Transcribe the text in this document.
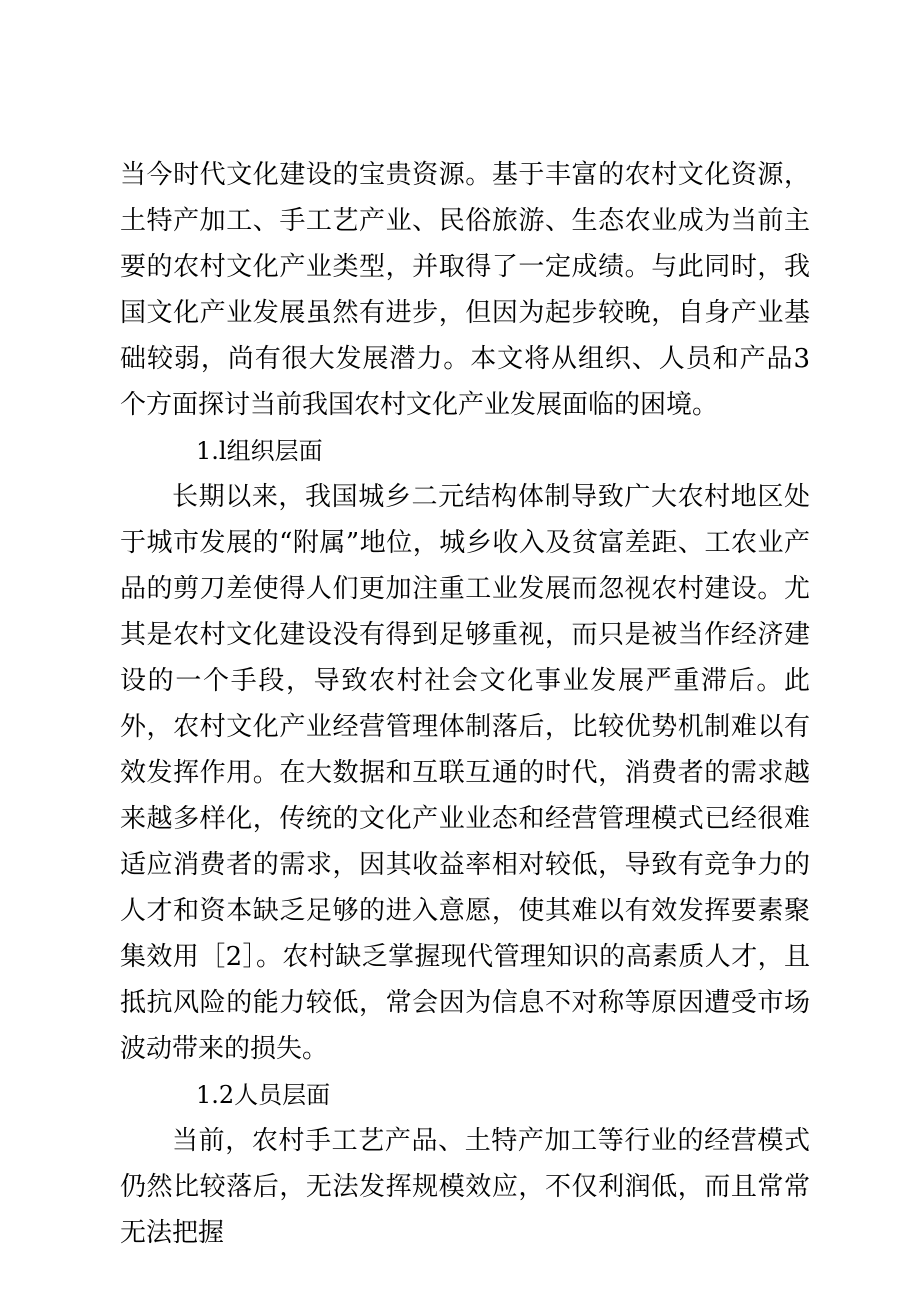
当今时代文化建设的宝贵资源。基于丰富的农村文化资源，土特产加工、手工艺产业、民俗旅游、生态农业成为当前主要的农村文化产业类型，并取得了一定成绩。与此同时，我国文化产业发展虽然有进步，但因为起步较晚，自身产业基础较弱，尚有很大发展潜力。本文将从组织、人员和产品3个方面探讨当前我国农村文化产业发展面临的困境。

1.l组织层面

长期以来，我国城乡二元结构体制导致广大农村地区处于城市发展的“附属”地位，城乡收入及贫富差距、工农业产品的剪刀差使得人们更加注重工业发展而忽视农村建设。尤其是农村文化建设没有得到足够重视，而只是被当作经济建设的一个手段，导致农村社会文化事业发展严重滞后。此外，农村文化产业经营管理体制落后，比较优势机制难以有效发挥作用。在大数据和互联互通的时代，消费者的需求越来越多样化，传统的文化产业业态和经营管理模式已经很难适应消费者的需求，因其收益率相对较低，导致有竞争力的人才和资本缺乏足够的进入意愿，使其难以有效发挥要素聚集效用［2］。农村缺乏掌握现代管理知识的高素质人才，且抵抗风险的能力较低，常会因为信息不对称等原因遭受市场波动带来的损失。

1.2人员层面

当前，农村手工艺产品、土特产加工等行业的经营模式仍然比较落后，无法发挥规模效应，不仅利润低，而且常常无法把握
